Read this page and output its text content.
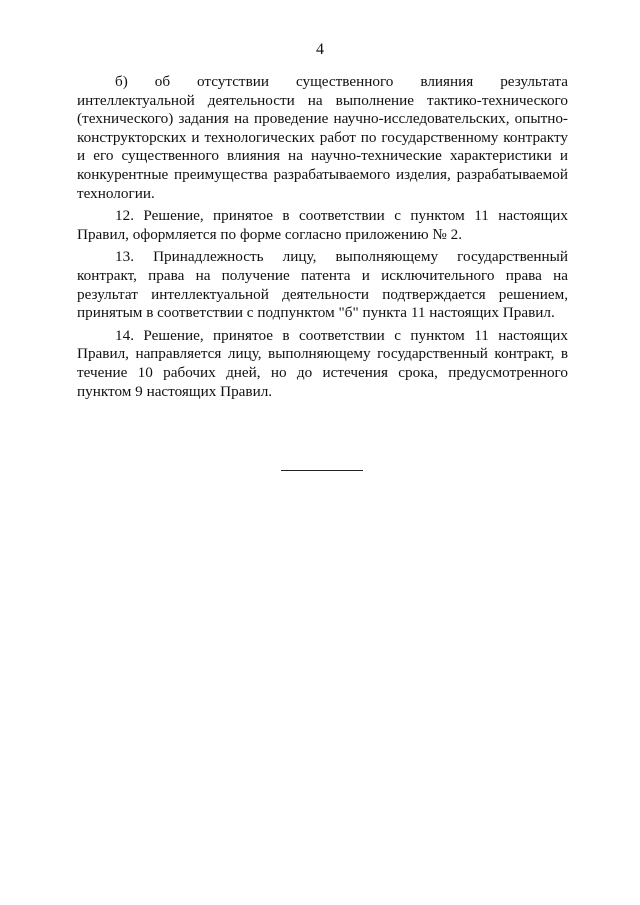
4

б) об отсутствии существенного влияния результата интеллектуальной деятельности на выполнение тактико-технического (технического) задания на проведение научно-исследовательских, опытно-конструкторских и технологических работ по государственному контракту и его существенного влияния на научно-технические характеристики и конкурентные преимущества разрабатываемого изделия, разрабатываемой технологии.

12. Решение, принятое в соответствии с пунктом 11 настоящих Правил, оформляется по форме согласно приложению № 2.

13. Принадлежность лицу, выполняющему государственный контракт, права на получение патента и исключительного права на результат интеллектуальной деятельности подтверждается решением, принятым в соответствии с подпунктом "б" пункта 11 настоящих Правил.

14. Решение, принятое в соответствии с пунктом 11 настоящих Правил, направляется лицу, выполняющему государственный контракт, в течение 10 рабочих дней, но до истечения срока, предусмотренного пунктом 9 настоящих Правил.
